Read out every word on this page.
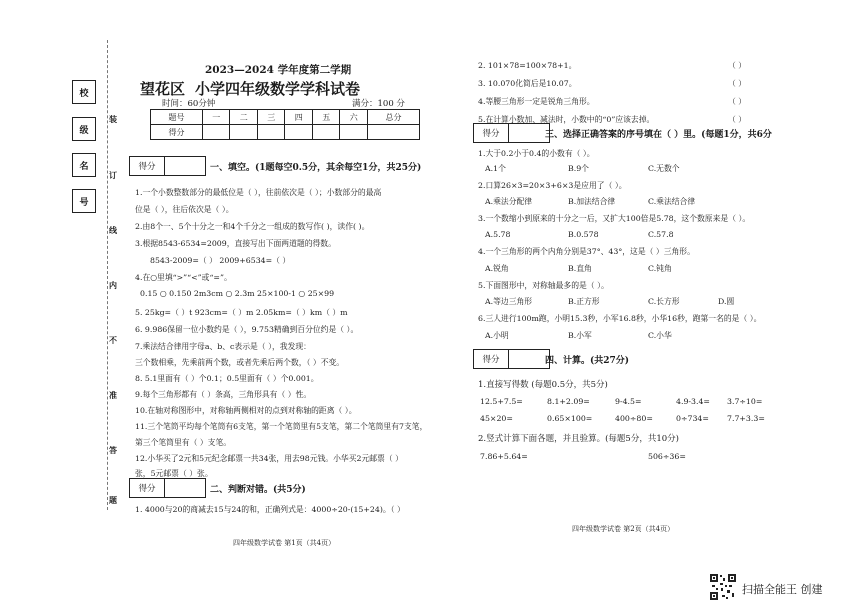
校
级
名
号
装
订
线
内
不
准
答
题
2023—2024 学年度第二学期
望花区 小学四年级数学学科试卷
时间：60分钟	满分：100 分
题号	一	二	三	四	五	六	总分
得分							
得分	一、填空。(1题每空0.5分，其余每空1分，共25分)
1.一个小数整数部分的最低位是（ ），往前依次是（ ）；小数部分的最高
位是（ ），往后依次是（ ）。
2.由8个一、5个十分之一和4个千分之一组成的数写作( )，读作( )。
3.根据8543-6534=2009，直接写出下面两道题的得数。
8543-2009=（ ） 2009+6534=（ ）
4.在○里填“>”“<”或“=”。
0.15 ○ 0.150 2m3cm ○ 2.3m 25×100-1 ○ 25×99
5. 25kg=（ ）t 923cm=（ ）m 2.05km=（ ）km（ ）m
6. 9.986保留一位小数约是（ ），9.753精确到百分位约是（ ）。
7.乘法结合律用字母a、b、c表示是（ ），我发现：
三个数相乘，先乘前两个数，或者先乘后两个数，（ ）不变。
8. 5.1里面有（ ）个0.1；0.5里面有（ ）个0.001。
9.每个三角形都有（ ）条高，三角形具有（ ）性。
10.在轴对称图形中，对称轴两侧相对的点到对称轴的距离（ ）。
11.三个笔筒平均每个笔筒有6支笔，第一个笔筒里有5支笔，第二个笔筒里有7支笔，
第三个笔筒里有（ ）支笔。
12.小华买了2元和5元纪念邮票一共34张，用去98元钱。小华买2元邮票（ ）
张，5元邮票（ ）张。
得分	二、判断对错。(共5分)
1. 4000与20的商减去15与24的和，正确列式是：4000÷20-(15+24)。（ ）
四年级数学试卷 第1页（共4页）
2. 101×78=100×78+1。	（ ）
3. 10.070化简后是10.07。	（ ）
4.等腰三角形一定是锐角三角形。	（ ）
5.在计算小数加、减法时，小数中的“0”应该去掉。	（ ）
得分	三、选择正确答案的序号填在（ ）里。(每题1分，共6分
1.大于0.2小于0.4的小数有（ ）。
A.1个	B.9个	C.无数个
2.口算26×3=20×3+6×3是应用了（ ）。
A.乘法分配律	B.加法结合律	C.乘法结合律
3.一个数缩小到原来的十分之一后，又扩大100倍是5.78，这个数原来是（ ）。
A.5.78	B.0.578	C.57.8
4.一个三角形的两个内角分别是37°、43°，这是（ ）三角形。
A.锐角	B.直角	C.钝角
5.下面图形中，对称轴最多的是（ ）。
A.等边三角形	B.正方形	C.长方形	D.圆
6.三人进行100m跑，小明15.3秒，小军16.8秒，小华16秒，跑第一名的是（ ）。
A.小明	B.小军	C.小华
得分	四、计算。(共27分)
1.直接写得数 (每题0.5分，共5分)
12.5+7.5=	8.1+2.09=	9-4.5=	4.9-3.4= 3.7÷10=
45×20=	0.65×100=	400÷80=	0÷734= 7.7+3.3=
2.竖式计算下面各题，并且验算。(每题5分，共10分)
7.86+5.64=	506÷36=
四年级数学试卷 第2页（共4页）
扫描全能王 创建
